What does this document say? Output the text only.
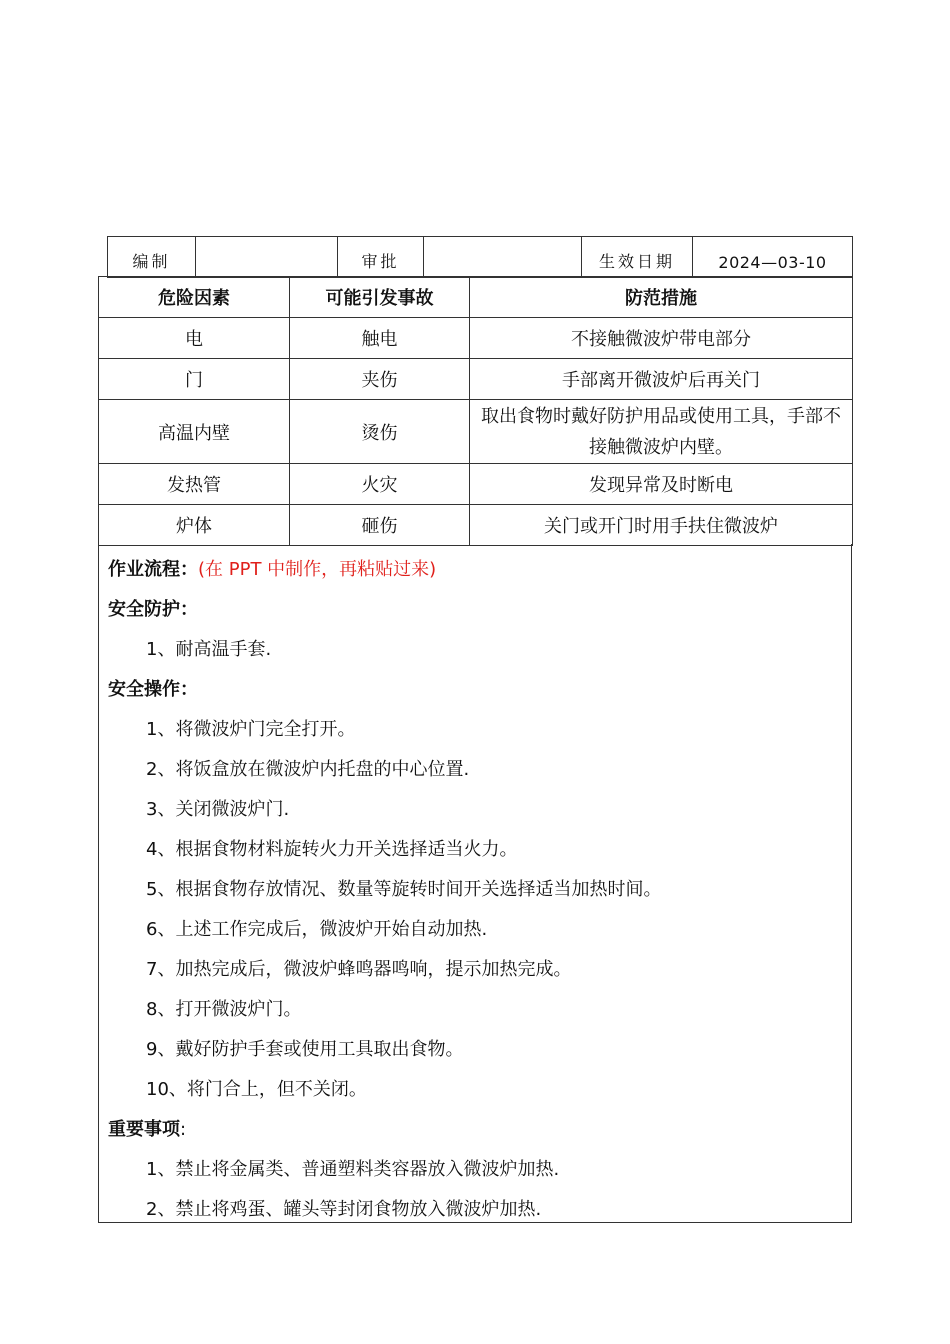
编制		审批		生效日期	2024—03-10
危险因素	可能引发事故	防范措施
电	触电	不接触微波炉带电部分
门	夹伤	手部离开微波炉后再关门
高温内壁	烫伤	取出食物时戴好防护用品或使用工具，手部不接触微波炉内壁。
发热管	火灾	发现异常及时断电
炉体	砸伤	关门或开门时用手扶住微波炉
作业流程：(在 PPT 中制作，再粘贴过来)
安全防护：
1、耐高温手套.
安全操作：
1、将微波炉门完全打开。
2、将饭盒放在微波炉内托盘的中心位置.
3、关闭微波炉门.
4、根据食物材料旋转火力开关选择适当火力。
5、根据食物存放情况、数量等旋转时间开关选择适当加热时间。
6、上述工作完成后，微波炉开始自动加热.
7、加热完成后，微波炉蜂鸣器鸣响，提示加热完成。
8、打开微波炉门。
9、戴好防护手套或使用工具取出食物。
10、将门合上，但不关闭。
重要事项:
1、禁止将金属类、普通塑料类容器放入微波炉加热.
2、禁止将鸡蛋、罐头等封闭食物放入微波炉加热.
